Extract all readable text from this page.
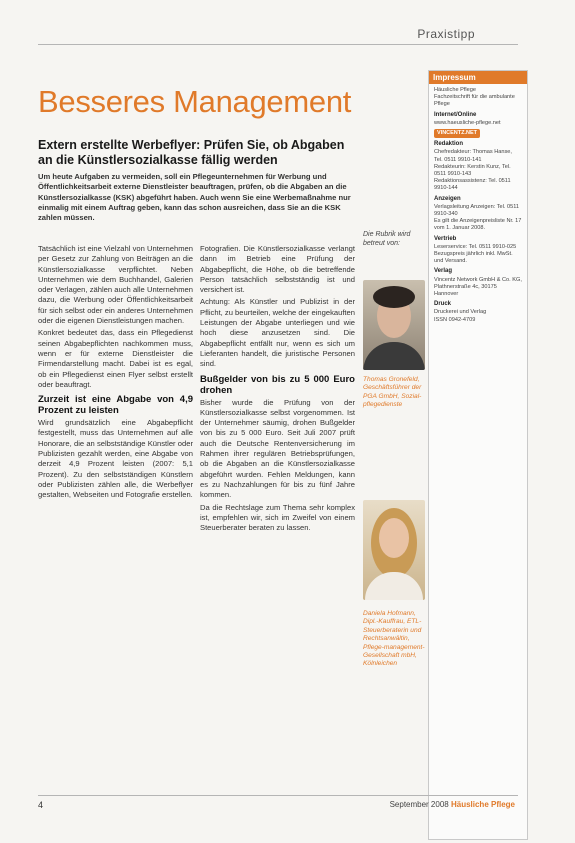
Praxistipp
Besseres Management
Extern erstellte Werbeflyer: Prüfen Sie, ob Abgaben an die Künstlersozialkasse fällig werden
Um heute Aufgaben zu vermeiden, soll ein Pflegeunternehmen für Werbung und Öffentlichkeitsarbeit externe Dienstleister beauftragen, prüfen, ob die Abgaben an die Künstlersozialkasse (KSK) abgeführt haben. Auch wenn Sie eine Werbemaßnahme nur einmalig mit einem Auftrag geben, kann das schon ausreichen, dass Sie an die KSK zahlen müssen.

Tatsächlich ist eine Vielzahl von Unternehmen per Gesetz zur Zahlung von Beiträgen an die Künstlersozialkasse verpflichtet. Neben Unternehmen wie dem Buchhandel, Galerien oder Verlagen, zählen auch alle Unternehmen dazu, die Werbung oder Öffentlichkeitsarbeit für sich selbst oder ein anderes Unternehmen oder die eigenen Dienstleistungen machen.

Konkret bedeutet das, dass ein Pflegedienst seinen Abgabepflichten nachkommen muss, wenn er für externe Dienstleister die Firmendarstellung macht. Dabei ist es egal, ob ein Pflegedienst einen Flyer selbst erstellt oder beauftragt.

Zurzeit ist eine Abgabe von 4,9 Prozent zu leisten

Wird grundsätzlich eine Abgabepflicht festgestellt, muss das Unternehmen auf alle Honorare, die an selbstständige Künstler oder Publizisten gezahlt werden, eine Abgabe von derzeit 4,9 Prozent leisten (2007: 5,1 Prozent). Zu den selbstständigen Künstlern oder Publizisten zählen alle, die Werbeflyer gestalten, Webseiten und Fotografie erstellen.

Fotografien. Die Künstlersozialkasse verlangt dann im Betrieb eine Prüfung der Abgabepflicht, die Höhe, ob die betreffende Person tatsächlich selbstständig ist und versichert ist.

Achtung: Als Künstler und Publizist in der Pflicht, zu beurteilen, welche der eingekauften Leistungen der Abgabe unterliegen und wie hoch diese anzusetzen sind. Die Abgabepflicht entfällt nur, wenn es sich um Lieferanten handelt, die juristische Personen sind.

Bußgelder von bis zu 5 000 Euro drohen

Bisher wurde die Prüfung von der Künstlersozialkasse selbst vorgenommen. Ist der Unternehmer säumig, drohen Bußgelder von bis zu 5 000 Euro. Seit Juli 2007 prüft auch die Deutsche Rentenversicherung im Rahmen ihrer regulären Betriebsprüfungen, ob die Abgaben an die Künstlersozialkasse abgeführt wurden. Fehlen Meldungen, kann es zu Nachzahlungen für bis zu fünf Jahre kommen.

Da die Rechtslage zum Thema sehr komplex ist, empfehlen wir, sich im Zweifel von einem Steuerberater beraten zu lassen.

Die Rubrik wird betreut von:
Thomas Gronefeld, Geschäftsführer der PGA GmbH, Sozial-pflegedienste
Daniela Hofmann, Dipl.-Kauffrau, ETL-Steuerberaterin und Rechtsanwältin, Pflege-management-Gesellschaft mbH, Kölnleichen
Impressum
Häusliche Pflege
Fachzeitschrift für die ambulante Pflege
Internet/Online
www.haeusliche-pflege.net
VINCENTZ.NET
Redaktion
Chefredakteur: Thomas Hanse, Tel. 0511 9910-141
Redakteurin: Kerstin Kunz, Tel. 0511 9910-143
Redaktionsassistenz: Tel. 0511 9910-144
Anzeigen
Verlagsleitung Anzeigen: Tel. 0511 9910-340
Es gilt die Anzeigenpreisliste Nr. 17 vom 1. Januar 2008.
Vertrieb
Leserservice: Tel. 0511 9910-025
Bezugspreis jährlich inkl. MwSt. und Versand.
Verlag
Vincentz Network GmbH & Co. KG, Plathnerstraße 4c, 30175 Hannover
Druck
Druckerei und Verlag
ISSN 0942-4709
4	September 2008 Häusliche Pflege
